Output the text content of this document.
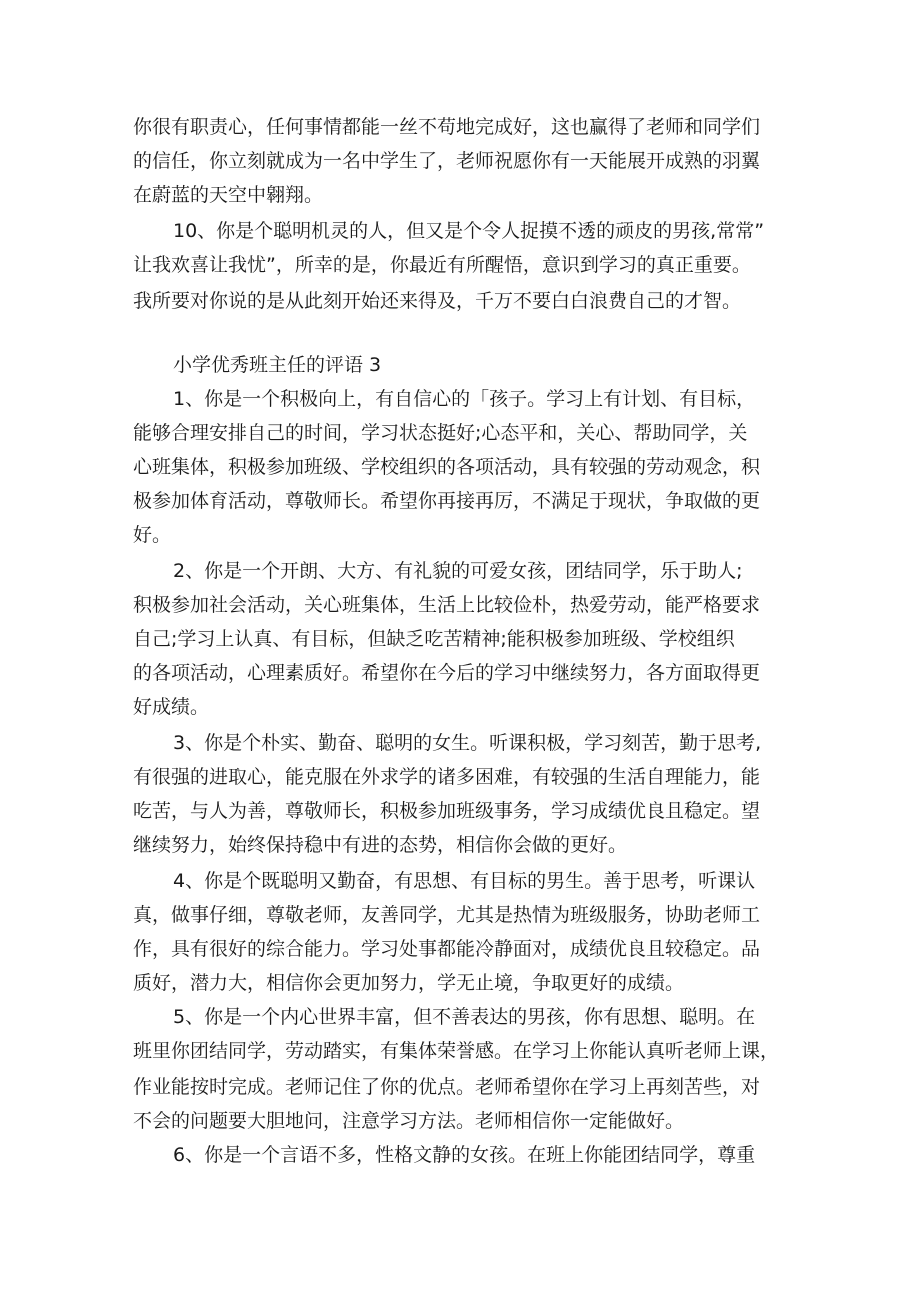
你很有职责心，任何事情都能一丝不苟地完成好，这也赢得了老师和同学们
的信任，你立刻就成为一名中学生了，老师祝愿你有一天能展开成熟的羽翼
在蔚蓝的天空中翱翔。
10、你是个聪明机灵的人，但又是个令人捉摸不透的顽皮的男孩,常常”
让我欢喜让我忧”，所幸的是，你最近有所醒悟，意识到学习的真正重要。
我所要对你说的是从此刻开始还来得及，千万不要白白浪费自己的才智。
小学优秀班主任的评语 3
1、你是一个积极向上，有自信心的「孩子。学习上有计划、有目标，
能够合理安排自己的时间，学习状态挺好;心态平和，关心、帮助同学，关
心班集体，积极参加班级、学校组织的各项活动，具有较强的劳动观念，积
极参加体育活动，尊敬师长。希望你再接再厉，不满足于现状，争取做的更
好。
2、你是一个开朗、大方、有礼貌的可爱女孩，团结同学，乐于助人;
积极参加社会活动，关心班集体，生活上比较俭朴，热爱劳动，能严格要求
自己;学习上认真、有目标，但缺乏吃苦精神;能积极参加班级、学校组织
的各项活动，心理素质好。希望你在今后的学习中继续努力，各方面取得更
好成绩。
3、你是个朴实、勤奋、聪明的女生。听课积极，学习刻苦，勤于思考,
有很强的进取心，能克服在外求学的诸多困难，有较强的生活自理能力，能
吃苦，与人为善，尊敬师长，积极参加班级事务，学习成绩优良且稳定。望
继续努力，始终保持稳中有进的态势，相信你会做的更好。
4、你是个既聪明又勤奋，有思想、有目标的男生。善于思考，听课认
真，做事仔细，尊敬老师，友善同学，尤其是热情为班级服务，协助老师工
作，具有很好的综合能力。学习处事都能冷静面对，成绩优良且较稳定。品
质好，潜力大，相信你会更加努力，学无止境，争取更好的成绩。
5、你是一个内心世界丰富，但不善表达的男孩，你有思想、聪明。在
班里你团结同学，劳动踏实，有集体荣誉感。在学习上你能认真听老师上课，
作业能按时完成。老师记住了你的优点。老师希望你在学习上再刻苦些，对
不会的问题要大胆地问，注意学习方法。老师相信你一定能做好。
6、你是一个言语不多，性格文静的女孩。在班上你能团结同学，尊重
